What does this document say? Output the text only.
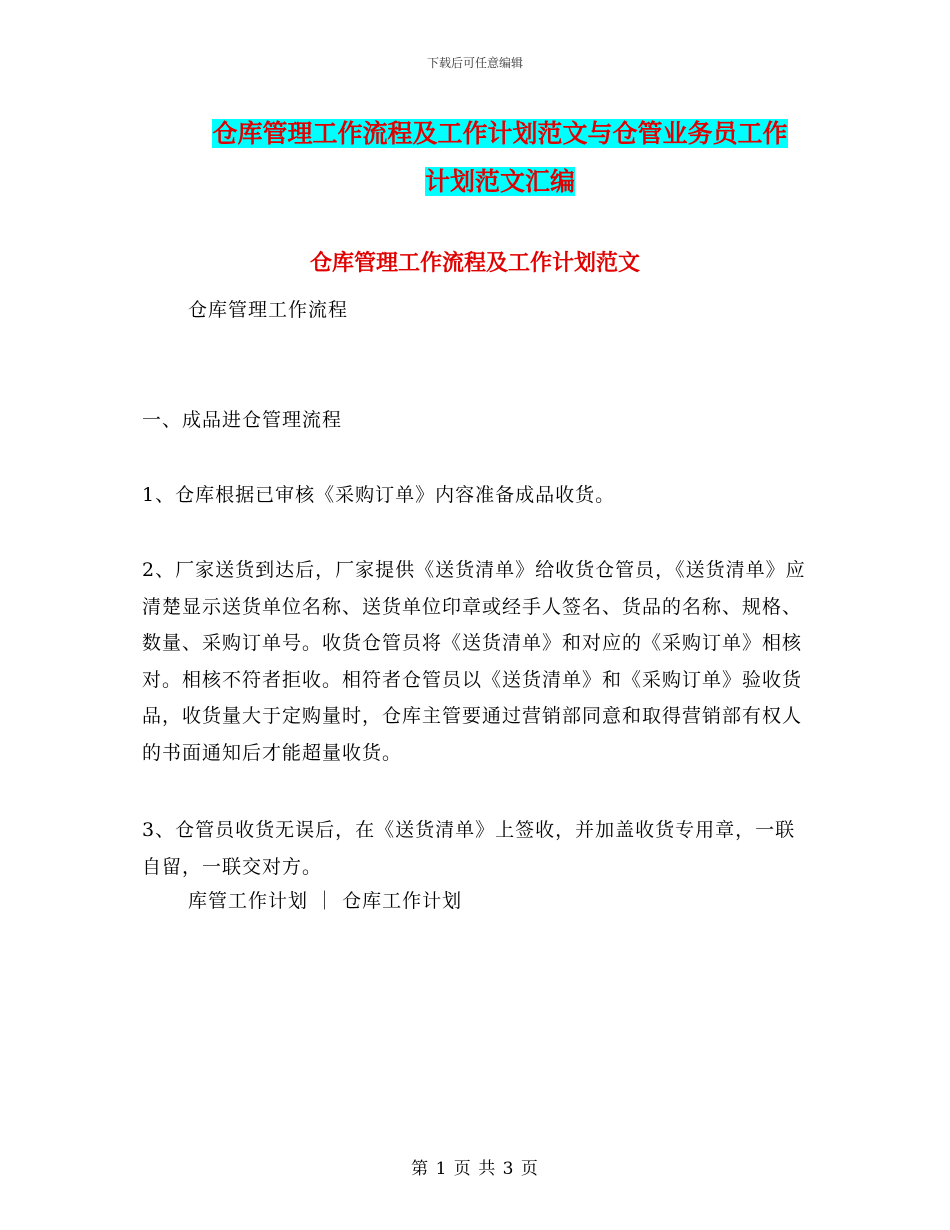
下载后可任意编辑
仓库管理工作流程及工作计划范文与仓管业务员工作
计划范文汇编
仓库管理工作流程及工作计划范文
仓库管理工作流程
一、成品进仓管理流程
1、仓库根据已审核《采购订单》内容准备成品收货。
2、厂家送货到达后，厂家提供《送货清单》给收货仓管员，《送货清单》应清楚显示送货单位名称、送货单位印章或经手人签名、货品的名称、规格、数量、采购订单号。收货仓管员将《送货清单》和对应的《采购订单》相核对。相核不符者拒收。相符者仓管员以《送货清单》和《采购订单》验收货品，收货量大于定购量时，仓库主管要通过营销部同意和取得营销部有权人的书面通知后才能超量收货。
3、仓管员收货无误后，在《送货清单》上签收，并加盖收货专用章，一联自留，一联交对方。
库管工作计划 ｜ 仓库工作计划
第 1 页 共 3 页
